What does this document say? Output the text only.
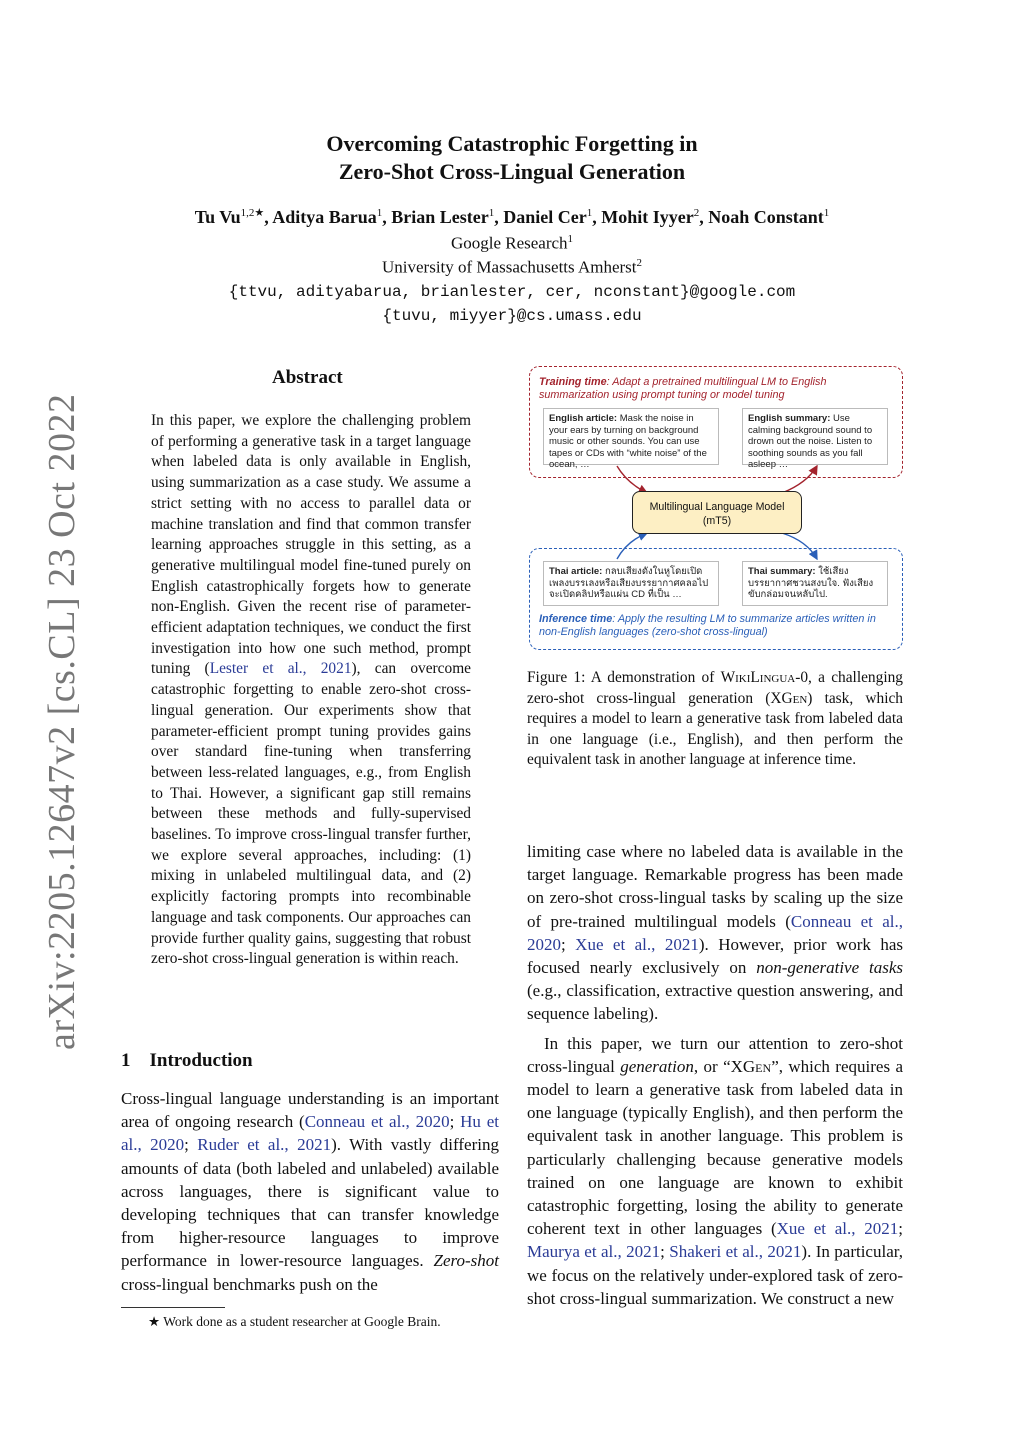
arXiv:2205.12647v2 [cs.CL] 23 Oct 2022
Overcoming Catastrophic Forgetting in
Zero-Shot Cross-Lingual Generation
Tu $Vu^{1,2★}$, Aditya Barua$^1$, Brian Lester$^1$, Daniel Cer$^1$, Mohit Iyyer$^2$, Noah Constant$^1$
Google Research$^1$
University of Massachusetts Amherst$^2$
{ttvu, adityabarua, brianlester, cer, nconstant}@google.com
{tuvu, miyyer}@cs.umass.edu
Abstract
In this paper, we explore the challenging problem of performing a generative task in a target language when labeled data is only available in English, using summarization as a case study. We assume a strict setting with no access to parallel data or machine translation and find that common transfer learning approaches struggle in this setting, as a generative multilingual model fine-tuned purely on English catastrophically forgets how to generate non-English. Given the recent rise of parameter-efficient adaptation techniques, we conduct the first investigation into how one such method, prompt tuning (Lester et al., 2021), can overcome catastrophic forgetting to enable zero-shot cross-lingual generation. Our experiments show that parameter-efficient prompt tuning provides gains over standard fine-tuning when transferring between less-related languages, e.g., from English to Thai. However, a significant gap still remains between these methods and fully-supervised baselines. To improve cross-lingual transfer further, we explore several approaches, including: (1) mixing in unlabeled multilingual data, and (2) explicitly factoring prompts into recombinable language and task components. Our approaches can provide further quality gains, suggesting that robust zero-shot cross-lingual generation is within reach.
1 Introduction
Cross-lingual language understanding is an important area of ongoing research (Conneau et al., 2020; Hu et al., 2020; Ruder et al., 2021). With vastly differing amounts of data (both labeled and unlabeled) available across languages, there is significant value to developing techniques that can transfer knowledge from higher-resource languages to improve performance in lower-resource languages. Zero-shot cross-lingual benchmarks push on the
★ Work done as a student researcher at Google Brain.
Training time: Adapt a pretrained multilingual LM to English summarization using prompt tuning or model tuning
English article: Mask the noise in your ears by turning on background music or other sounds. You can use tapes or CDs with “white noise” of the ocean, …
English summary: Use calming background sound to drown out the noise. Listen to soothing sounds as you fall asleep …
Multilingual Language Model
(mT5)
Thai article: กลบเสียงดังในหูโดยเปิดเพลงบรรเลงหรือเสียงบรรยากาศคลอไป จะเปิดคลิปหรือแผ่น CD ที่เป็น …
Thai summary: ใช้เสียงบรรยากาศชวนสงบใจ. ฟังเสียงขับกล่อมจนหลับไป.
Inference time: Apply the resulting LM to summarize articles written in non-English languages (zero-shot cross-lingual)
Figure 1: A demonstration of WikiLingua-0, a challenging zero-shot cross-lingual generation (XGen) task, which requires a model to learn a generative task from labeled data in one language (i.e., English), and then perform the equivalent task in another language at inference time.

limiting case where no labeled data is available in the target language. Remarkable progress has been made on zero-shot cross-lingual tasks by scaling up the size of pre-trained multilingual models (Conneau et al., 2020; Xue et al., 2021). However, prior work has focused nearly exclusively on non-generative tasks (e.g., classification, extractive question answering, and sequence labeling).

In this paper, we turn our attention to zero-shot cross-lingual generation, or “XGen”, which requires a model to learn a generative task from labeled data in one language (typically English), and then perform the equivalent task in another language. This problem is particularly challenging because generative models trained on one language are known to exhibit catastrophic forgetting, losing the ability to generate coherent text in other languages (Xue et al., 2021; Maurya et al., 2021; Shakeri et al., 2021). In particular, we focus on the relatively under-explored task of zero-shot cross-lingual summarization. We construct a new
